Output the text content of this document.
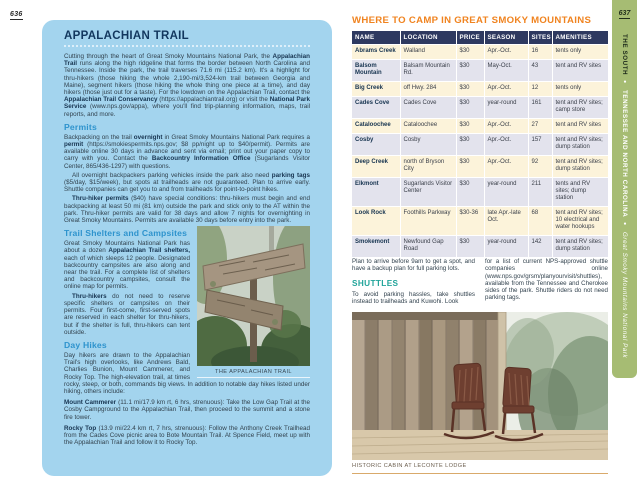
636
APPALACHIAN TRAIL

Cutting through the heart of Great Smoky Mountains National Park, the Appalachian Trail runs along the high ridgeline that forms the border between North Carolina and Tennessee. Inside the park, the trail traverses 71.6 mi (115.2 km). It's a highlight for thru-hikers (those hiking the whole 2,190-mi/3,524-km trail between Georgia and Maine), segment hikers (those hiking the whole thing one piece at a time), and day hikers (those just out for a taste). For the lowdown on the Appalachian Trail, contact the Appalachian Trail Conservancy (https://appalachiantrail.org) or visit the National Park Service (www.nps.gov/appa), where you'll find trip-planning information, maps, trail reports, and more.

Permits

Backpacking on the trail overnight in Great Smoky Mountains National Park requires a permit (https://smokiespermits.nps.gov; $8 pp/night up to $40/permit). Permits are available online 30 days in advance and sent via email; print out your paper copy to carry with you. Contact the Backcountry Information Office (Sugarlands Visitor Center, 865/436-1297) with questions.

All overnight backpackers parking vehicles inside the park also need parking tags ($5/day, $15/week), but spots at trailheads are not guaranteed. Plan to arrive early. Shuttle companies can get you to and from trailheads for point-to-point hikes.

Thru-hiker permits ($40) have special conditions: thru-hikers must begin and end backpacking at least 50 mi (81 km) outside the park and stick only to the AT within the park. Thru-hiker permits are valid for 38 days and allow 7 nights for overnighting in Great Smoky Mountains. Permits are available 30 days before entry into the park.

THE APPALACHIAN TRAIL
Trail Shelters and Campsites

Great Smoky Mountains National Park has about a dozen Appalachian Trail shelters, each of which sleeps 12 people. Designated backcountry campsites are also along and near the trail. For a complete list of shelters and backcountry campsites, consult the online map for permits.

Thru-hikers do not need to reserve specific shelters or campsites on their permits. Four first-come, first-served spots are reserved in each shelter for thru-hikers, but if the shelter is full, thru-hikers can tent outside.

Day Hikes

Day hikers are drawn to the Appalachian Trail's high overlooks, like Andrews Bald, Charlies Bunion, Mount Cammerer, and Rocky Top. The high-elevation trail, at times rocky, steep, or both, commands big views. In addition to notable day hikes listed under hiking, others include:

Mount Cammerer (11.1 mi/17.9 km rt, 6 hrs, strenuous): Take the Low Gap Trail at the Cosby Campground to the Appalachian Trail, then proceed to the summit and a stone fire tower.

Rocky Top (13.9 mi/22.4 km rt, 7 hrs, strenuous): Follow the Anthony Creek Trailhead from the Cades Cove picnic area to Bote Mountain Trail. At Spence Field, meet up with the Appalachian Trail and follow it to Rocky Top.

WHERE TO CAMP IN GREAT SMOKY MOUNTAINS
NAME	LOCATION	PRICE	SEASON	SITES	AMENITIES
Abrams Creek	Walland	$30	Apr.-Oct.	16	tents only
Balsom Mountain	Balsam Mountain Rd.	$30	May-Oct.	43	tent and RV sites
Big Creek	off Hwy. 284	$30	Apr.-Oct.	12	tents only
Cades Cove	Cades Cove	$30	year-round	161	tent and RV sites; camp store
Cataloochee	Cataloochee	$30	Apr.-Oct.	27	tent and RV sites
Cosby	Cosby	$30	Apr.-Oct.	157	tent and RV sites; dump station
Deep Creek	north of Bryson City	$30	Apr.-Oct.	92	tent and RV sites; dump station
Elkmont	Sugarlands Visitor Center	$30	year-round	211	tents and RV sites; dump station
Look Rock	Foothills Parkway	$30-36	late Apr.-late Oct.	68	tent and RV sites; 10 electrical and water hookups
Smokemont	Newfound Gap Road	$30	year-round	142	tent and RV sites; dump station

Plan to arrive before 9am to get a spot, and have a backup plan for full parking lots.

SHUTTLES

To avoid parking hassles, take shuttles instead to trailheads and Kuwohi. Look

for a list of current NPS-approved shuttle companies online (www.nps.gov/grsm/planyourvisit/shuttles), available from the Tennessee and Cherokee sides of the park. Shuttle riders do not need parking tags.

HISTORIC CABIN AT LECONTE LODGE
637
THE SOUTH
●
TENNESSEE AND NORTH CAROLINA
●
Great Smoky Mountains National Park
